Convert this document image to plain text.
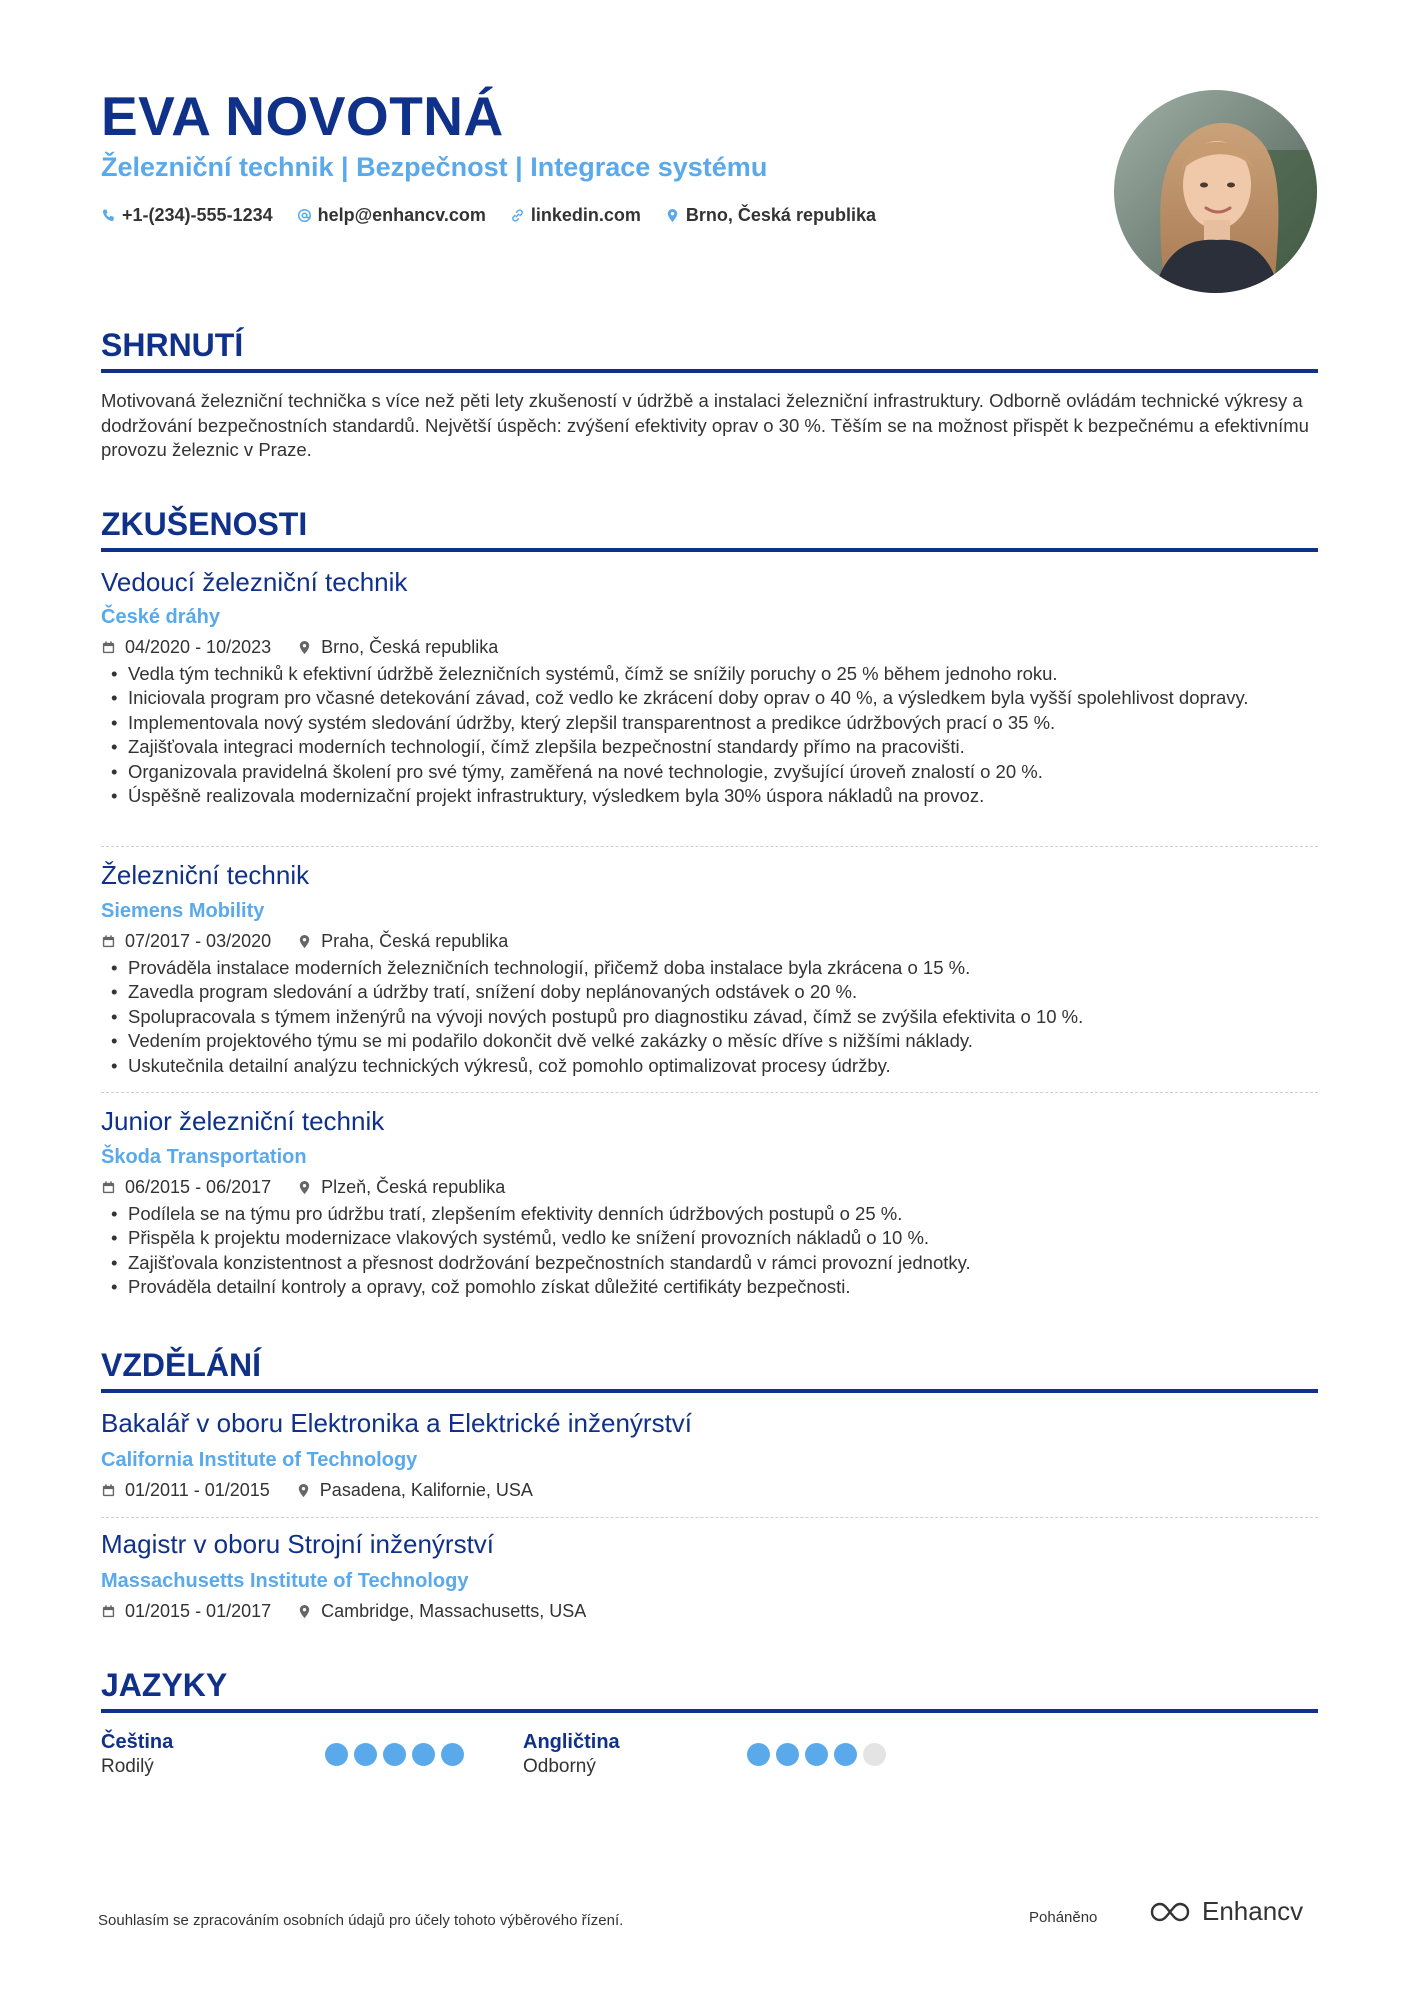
EVA NOVOTNÁ
Železniční technik | Bezpečnost | Integrace systému
+1-(234)-555-1234	help@enhancv.com	linkedin.com	Brno, Česká republika
SHRNUTÍ
Motivovaná železniční technička s více než pěti lety zkušeností v údržbě a instalaci železniční infrastruktury. Odborně ovládám technické výkresy a dodržování bezpečnostních standardů. Největší úspěch: zvýšení efektivity oprav o 30 %. Těším se na možnost přispět k bezpečnému a efektivnímu provozu železnic v Praze.
ZKUŠENOSTI
Vedoucí železniční technik
České dráhy
04/2020 - 10/2023	Brno, Česká republika
• Vedla tým techniků k efektivní údržbě železničních systémů, čímž se snížily poruchy o 25 % během jednoho roku.
• Iniciovala program pro včasné detekování závad, což vedlo ke zkrácení doby oprav o 40 %, a výsledkem byla vyšší spolehlivost dopravy.
• Implementovala nový systém sledování údržby, který zlepšil transparentnost a predikce údržbových prací o 35 %.
• Zajišťovala integraci moderních technologií, čímž zlepšila bezpečnostní standardy přímo na pracovišti.
• Organizovala pravidelná školení pro své týmy, zaměřená na nové technologie, zvyšující úroveň znalostí o 20 %.
• Úspěšně realizovala modernizační projekt infrastruktury, výsledkem byla 30% úspora nákladů na provoz.
Železniční technik
Siemens Mobility
07/2017 - 03/2020	Praha, Česká republika
• Prováděla instalace moderních železničních technologií, přičemž doba instalace byla zkrácena o 15 %.
• Zavedla program sledování a údržby tratí, snížení doby neplánovaných odstávek o 20 %.
• Spolupracovala s týmem inženýrů na vývoji nových postupů pro diagnostiku závad, čímž se zvýšila efektivita o 10 %.
• Vedením projektového týmu se mi podařilo dokončit dvě velké zakázky o měsíc dříve s nižšími náklady.
• Uskutečnila detailní analýzu technických výkresů, což pomohlo optimalizovat procesy údržby.
Junior železniční technik
Škoda Transportation
06/2015 - 06/2017	Plzeň, Česká republika
• Podílela se na týmu pro údržbu tratí, zlepšením efektivity denních údržbových postupů o 25 %.
• Přispěla k projektu modernizace vlakových systémů, vedlo ke snížení provozních nákladů o 10 %.
• Zajišťovala konzistentnost a přesnost dodržování bezpečnostních standardů v rámci provozní jednotky.
• Prováděla detailní kontroly a opravy, což pomohlo získat důležité certifikáty bezpečnosti.
VZDĚLÁNÍ
Bakalář v oboru Elektronika a Elektrické inženýrství
California Institute of Technology
01/2011 - 01/2015	Pasadena, Kalifornie, USA
Magistr v oboru Strojní inženýrství
Massachusetts Institute of Technology
01/2015 - 01/2017	Cambridge, Massachusetts, USA
JAZYKY
Čeština
Rodilý
Angličtina
Odborný
Souhlasím se zpracováním osobních údajů pro účely tohoto výběrového řízení.	Poháněno	Enhancv
